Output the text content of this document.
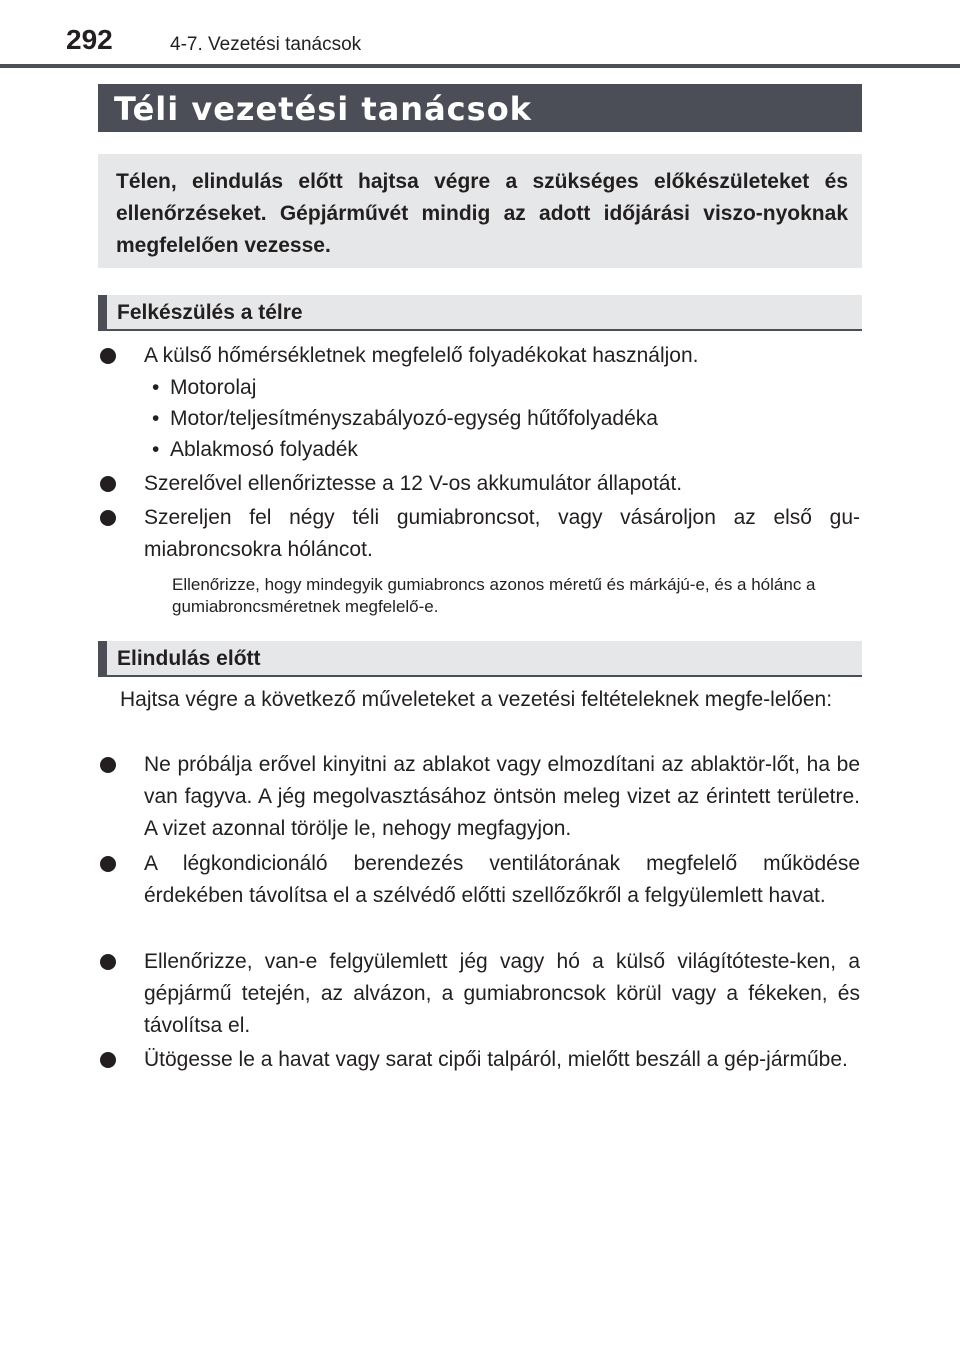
292	4-7. Vezetési tanácsok
Téli vezetési tanácsok

Télen, elindulás előtt hajtsa végre a szükséges előkészületeket és ellenőrzéseket. Gépjárművét mindig az adott időjárási viszo-nyoknak megfelelően vezesse.

Felkészülés a télre
A külső hőmérsékletnek megfelelő folyadékokat használjon.
• Motorolaj
• Motor/teljesítményszabályozó-egység hűtőfolyadéka
• Ablakmosó folyadék
Szerelővel ellenőriztesse a 12 V-os akkumulátor állapotát.
Szereljen fel négy téli gumiabroncsot, vagy vásároljon az első gu-miabroncsokra hóláncot.
Ellenőrizze, hogy mindegyik gumiabroncs azonos méretű és márkájú-e, és a hólánc a gumiabroncsméretnek megfelelő-e.
Elindulás előtt
Hajtsa végre a következő műveleteket a vezetési feltételeknek megfe-lelően:
Ne próbálja erővel kinyitni az ablakot vagy elmozdítani az ablaktör-lőt, ha be van fagyva. A jég megolvasztásához öntsön meleg vizet az érintett területre. A vizet azonnal törölje le, nehogy megfagyjon.
A légkondicionáló berendezés ventilátorának megfelelő működése érdekében távolítsa el a szélvédő előtti szellőzőkről a felgyülemlett havat.
Ellenőrizze, van-e felgyülemlett jég vagy hó a külső világítóteste-ken, a gépjármű tetején, az alvázon, a gumiabroncsok körül vagy a fékeken, és távolítsa el.
Ütögesse le a havat vagy sarat cipői talpáról, mielőtt beszáll a gép-járműbe.
